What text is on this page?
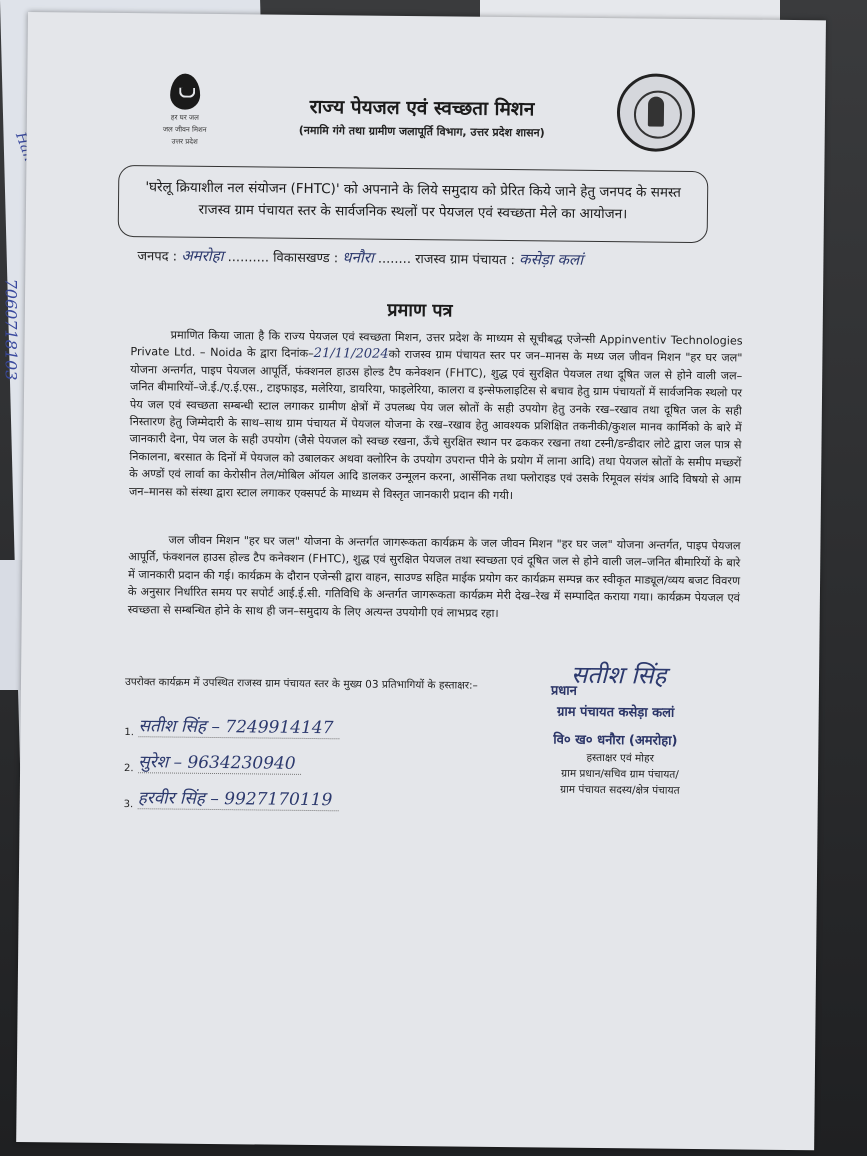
7060718103
हर घर जल
जल जीवन मिशन
उत्तर प्रदेश
राज्य पेयजल एवं स्वच्छता मिशन
(नमामि गंगे तथा ग्रामीण जलापूर्ति विभाग, उत्तर प्रदेश शासन)
'घरेलू क्रियाशील नल संयोजन (FHTC)' को अपनाने के लिये समुदाय को प्रेरित किये जाने हेतु जनपद के समस्त राजस्व ग्राम पंचायत स्तर के सार्वजनिक स्थलों पर पेयजल एवं स्वच्छता मेले का आयोजन।
जनपद : अमरोहा .......... विकासखण्ड : धनौरा ........ राजस्व ग्राम पंचायत : कसेड़ा कलां
प्रमाण पत्र
प्रमाणित किया जाता है कि राज्य पेयजल एवं स्वच्छता मिशन, उत्तर प्रदेश के माध्यम से सूचीबद्ध एजेन्सी Appinventiv Technologies Private Ltd. – Noida के द्वारा दिनांक–21/11/2024को राजस्व ग्राम पंचायत स्तर पर जन–मानस के मध्य जल जीवन मिशन "हर घर जल" योजना अन्तर्गत, पाइप पेयजल आपूर्ति, फंक्शनल हाउस होल्ड टैप कनेक्शन (FHTC), शुद्ध एवं सुरक्षित पेयजल तथा दूषित जल से होने वाली जल–जनित बीमारियों–जे.ई./ए.ई.एस., टाइफाइड, मलेरिया, डायरिया, फाइलेरिया, कालरा व इन्सेफलाइटिस से बचाव हेतु ग्राम पंचायतों में सार्वजनिक स्थलो पर पेय जल एवं स्वच्छता सम्बन्धी स्टाल लगाकर ग्रामीण क्षेत्रों में उपलब्ध पेय जल स्रोतों के सही उपयोग हेतु उनके रख–रखाव तथा दूषित जल के सही निस्तारण हेतु जिम्मेदारी के साथ–साथ ग्राम पंचायत में पेयजल योजना के रख–रखाव हेतु आवश्यक प्रशिक्षित तकनीकी/कुशल मानव कार्मिको के बारे में जानकारी देना, पेय जल के सही उपयोग (जैसे पेयजल को स्वच्छ रखना, ऊँचे सुरक्षित स्थान पर ढककर रखना तथा टस्नी/डन्डीदार लोटे द्वारा जल पात्र से निकालना, बरसात के दिनों में पेयजल को उबालकर अथवा क्लोरिन के उपयोग उपरान्त पीने के प्रयोग में लाना आदि) तथा पेयजल स्रोतों के समीप मच्छरों के अण्डों एवं लार्वा का केरोसीन तेल/मोबिल ऑयल आदि डालकर उन्मूलन करना, आर्सेनिक तथा फ्लोराइड एवं उसके रिमूवल संयंत्र आदि विषयो से आम जन–मानस को संस्था द्वारा स्टाल लगाकर एक्सपर्ट के माध्यम से विस्तृत जानकारी प्रदान की गयी।
जल जीवन मिशन "हर घर जल" योजना के अन्तर्गत जागरूकता कार्यक्रम के जल जीवन मिशन "हर घर जल" योजना अन्तर्गत, पाइप पेयजल आपूर्ति, फंक्शनल हाउस होल्ड टैप कनेक्शन (FHTC), शुद्ध एवं सुरक्षित पेयजल तथा स्वच्छता एवं दूषित जल से होने वाली जल–जनित बीमारियों के बारे में जानकारी प्रदान की गई। कार्यक्रम के दौरान एजेन्सी द्वारा वाहन, साउण्ड सहित माईक प्रयोग कर कार्यक्रम सम्पन्न कर स्वीकृत माड्यूल/व्यय बजट विवरण के अनुसार निर्धारित समय पर सपोर्ट आई.ई.सी. गतिविधि के अन्तर्गत जागरूकता कार्यक्रम मेरी देख–रेख में सम्पादित कराया गया। कार्यक्रम पेयजल एवं स्वच्छता से सम्बन्धित होने के साथ ही जन–समुदाय के लिए अत्यन्त उपयोगी एवं लाभप्रद रहा।
उपरोक्त कार्यक्रम में उपस्थित राजस्व ग्राम पंचायत स्तर के मुख्य 03 प्रतिभागियों के हस्ताक्षर:–
1. सतीश सिंह – 7249914147
2. सुरेश – 9634230940
3. हरवीर सिंह – 9927170119
सतीश सिंह
प्रधान
ग्राम पंचायत कसेड़ा कलां
वि० ख० धनौरा (अमरोहा)
हस्ताक्षर एवं मोहर
ग्राम प्रधान/सचिव ग्राम पंचायत/
ग्राम पंचायत सदस्य/क्षेत्र पंचायत
